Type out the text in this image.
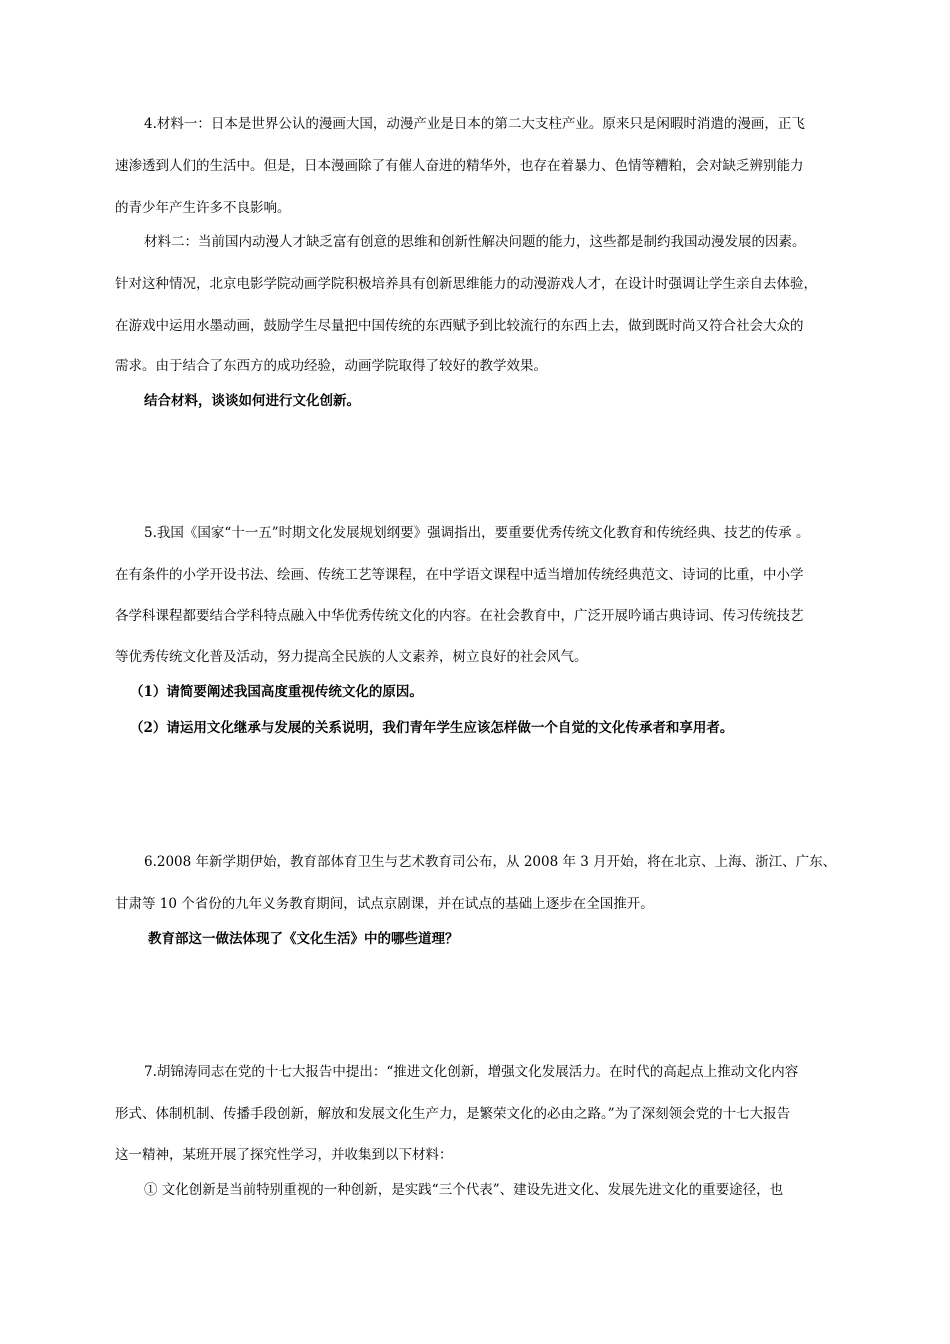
4.材料一：日本是世界公认的漫画大国，动漫产业是日本的第二大支柱产业。原来只是闲暇时消遣的漫画，正飞
速渗透到人们的生活中。但是，日本漫画除了有催人奋进的精华外，也存在着暴力、色情等糟粕，会对缺乏辨别能力
的青少年产生许多不良影响。
材料二：当前国内动漫人才缺乏富有创意的思维和创新性解决问题的能力，这些都是制约我国动漫发展的因素。
针对这种情况，北京电影学院动画学院积极培养具有创新思维能力的动漫游戏人才，在设计时强调让学生亲自去体验，
在游戏中运用水墨动画，鼓励学生尽量把中国传统的东西赋予到比较流行的东西上去，做到既时尚又符合社会大众的
需求。由于结合了东西方的成功经验，动画学院取得了较好的教学效果。
结合材料，谈谈如何进行文化创新。
5.我国《国家“十一五”时期文化发展规划纲要》强调指出，要重要优秀传统文化教育和传统经典、技艺的传承 。
在有条件的小学开设书法、绘画、传统工艺等课程，在中学语文课程中适当增加传统经典范文、诗词的比重，中小学
各学科课程都要结合学科特点融入中华优秀传统文化的内容。在社会教育中，广泛开展吟诵古典诗词、传习传统技艺
等优秀传统文化普及活动，努力提高全民族的人文素养，树立良好的社会风气。
（1）请简要阐述我国高度重视传统文化的原因。
（2）请运用文化继承与发展的关系说明，我们青年学生应该怎样做一个自觉的文化传承者和享用者。
6.2008 年新学期伊始，教育部体育卫生与艺术教育司公布，从 2008 年 3 月开始，将在北京、上海、浙江、广东、
甘肃等 10 个省份的九年义务教育期间，试点京剧课，并在试点的基础上逐步在全国推开。
教育部这一做法体现了《文化生活》中的哪些道理？
7.胡锦涛同志在党的十七大报告中提出：“推进文化创新，增强文化发展活力。在时代的高起点上推动文化内容
形式、体制机制、传播手段创新，解放和发展文化生产力，是繁荣文化的必由之路。”为了深刻领会党的十七大报告
这一精神，某班开展了探究性学习，并收集到以下材料：
① 文化创新是当前特别重视的一种创新，是实践“三个代表”、建设先进文化、发展先进文化的重要途径，也
